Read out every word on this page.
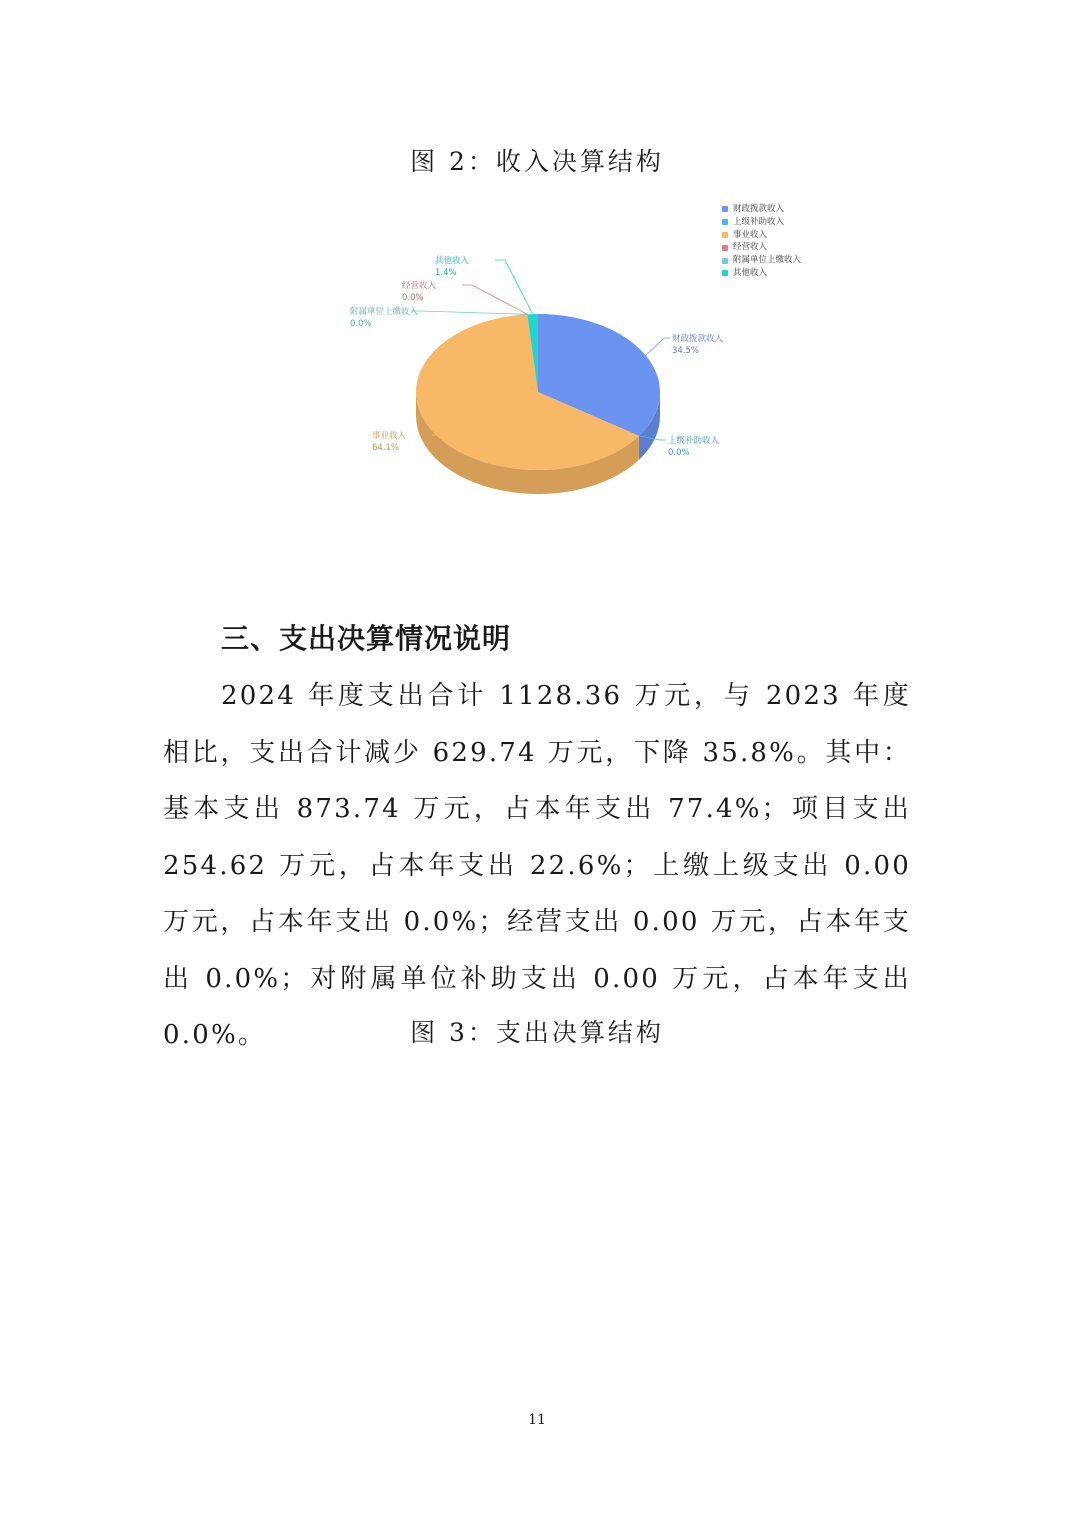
图 2：收入决算结构
财政拨款收入
34.5%
上级补助收入
0.0%
事业收入
64.1%
经营收入
0.0%
附属单位上缴收入
0.0%
其他收入
1.4%
财政拨款收入
上级补助收入
事业收入
经营收入
附属单位上缴收入
其他收入
三、支出决算情况说明
2024 年度支出合计 1128.36 万元，与 2023 年度相比，支出合计减少 629.74 万元，下降 35.8%。其中：基本支出 873.74 万元，占本年支出 77.4%；项目支出 254.62 万元，占本年支出 22.6%；上缴上级支出 0.00 万元，占本年支出 0.0%；经营支出 0.00 万元，占本年支出 0.0%；对附属单位补助支出 0.00 万元，占本年支出 0.0%。	图 3：支出决算结构
11
